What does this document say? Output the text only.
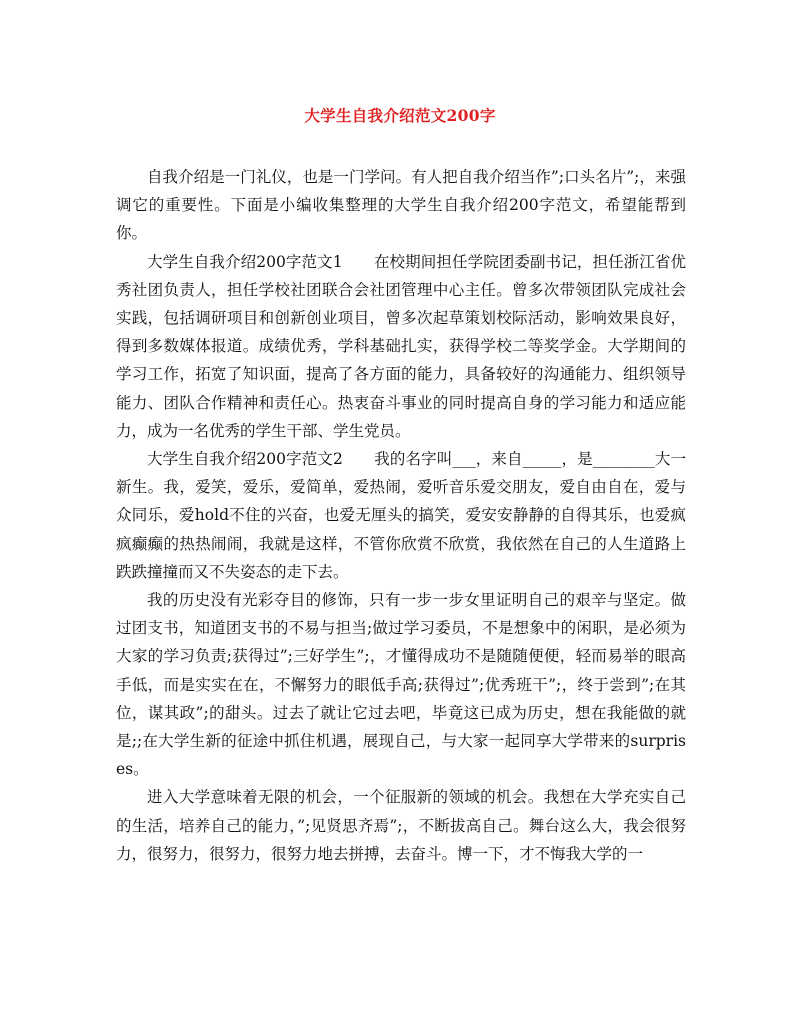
大学生自我介绍范文200字

自我介绍是一门礼仪，也是一门学问。有人把自我介绍当作”;口头名片”;，来强调它的重要性。下面是小编收集整理的大学生自我介绍200字范文，希望能帮到你。

大学生自我介绍200字范文1　　在校期间担任学院团委副书记，担任浙江省优秀社团负责人，担任学校社团联合会社团管理中心主任。曾多次带领团队完成社会实践，包括调研项目和创新创业项目，曾多次起草策划校际活动，影响效果良好，得到多数媒体报道。成绩优秀，学科基础扎实，获得学校二等奖学金。大学期间的学习工作，拓宽了知识面，提高了各方面的能力，具备较好的沟通能力、组织领导能力、团队合作精神和责任心。热衷奋斗事业的同时提高自身的学习能力和适应能力，成为一名优秀的学生干部、学生党员。

大学生自我介绍200字范文2　　我的名字叫___，来自_____，是________大一新生。我，爱笑，爱乐，爱简单，爱热闹，爱听音乐爱交朋友，爱自由自在，爱与众同乐，爱hold不住的兴奋，也爱无厘头的搞笑，爱安安静静的自得其乐，也爱疯疯癫癫的热热闹闹，我就是这样，不管你欣赏不欣赏，我依然在自己的人生道路上跌跌撞撞而又不失姿态的走下去。

我的历史没有光彩夺目的修饰，只有一步一步女里证明自己的艰辛与坚定。做过团支书，知道团支书的不易与担当;做过学习委员，不是想象中的闲职，是必须为大家的学习负责;获得过”;三好学生”;，才懂得成功不是随随便便，轻而易举的眼高手低，而是实实在在，不懈努力的眼低手高;获得过”;优秀班干”;，终于尝到”;在其位，谋其政”;的甜头。过去了就让它过去吧，毕竟这已成为历史，想在我能做的就是;;在大学生新的征途中抓住机遇，展现自己，与大家一起同享大学带来的surprises。

进入大学意味着无限的机会，一个征服新的领域的机会。我想在大学充实自己的生活，培养自己的能力，”;见贤思齐焉”;，不断拔高自己。舞台这么大，我会很努力，很努力，很努力，很努力地去拼搏，去奋斗。博一下，才不悔我大学的一
